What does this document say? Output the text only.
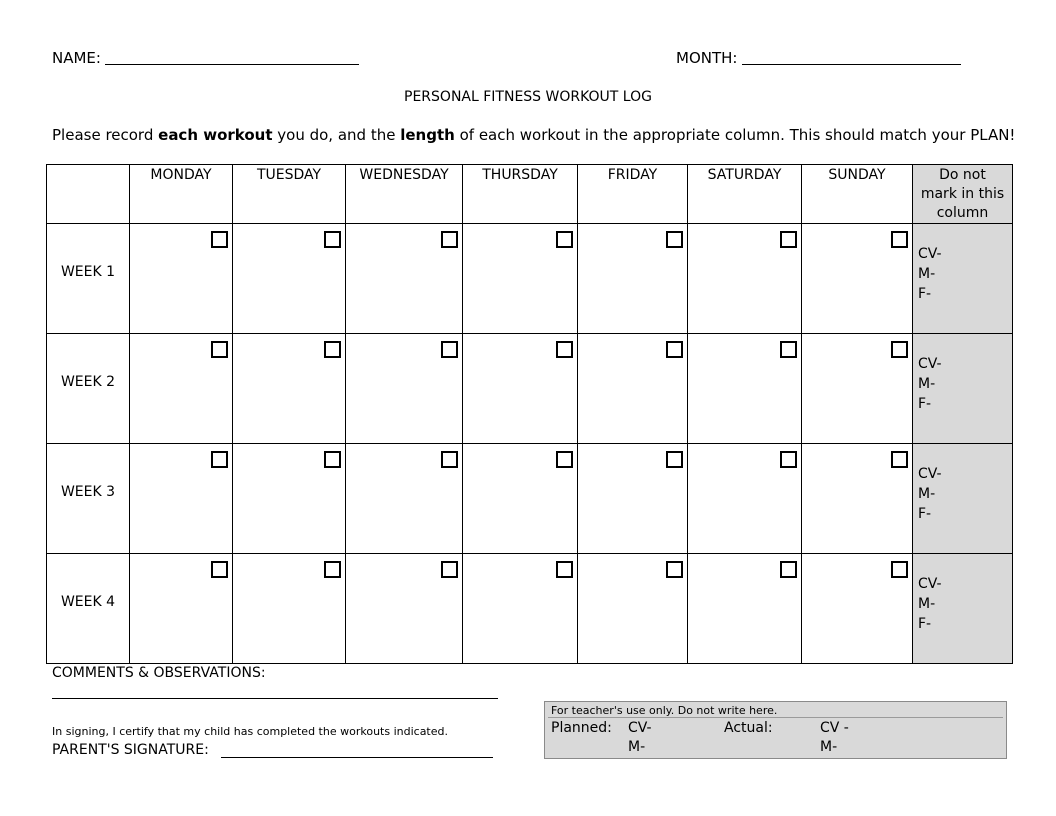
NAME:	MONTH:
PERSONAL FITNESS WORKOUT LOG
Please record each workout you do, and the length of each workout in the appropriate column. This should match your PLAN!
	MONDAY	TUESDAY	WEDNESDAY	THURSDAY	FRIDAY	SATURDAY	SUNDAY	Do not
mark in this
column

WEEK 1								CV-
M-
F-

WEEK 2								CV-
M-
F-

WEEK 3								CV-
M-
F-

WEEK 4								CV-
M-
F-
COMMENTS & OBSERVATIONS:
In signing, I certify that my child has completed the workouts indicated.
PARENT'S SIGNATURE:
For teacher's use only. Do not write here.
Planned: CV-
M-
Actual:	CV -
M-
